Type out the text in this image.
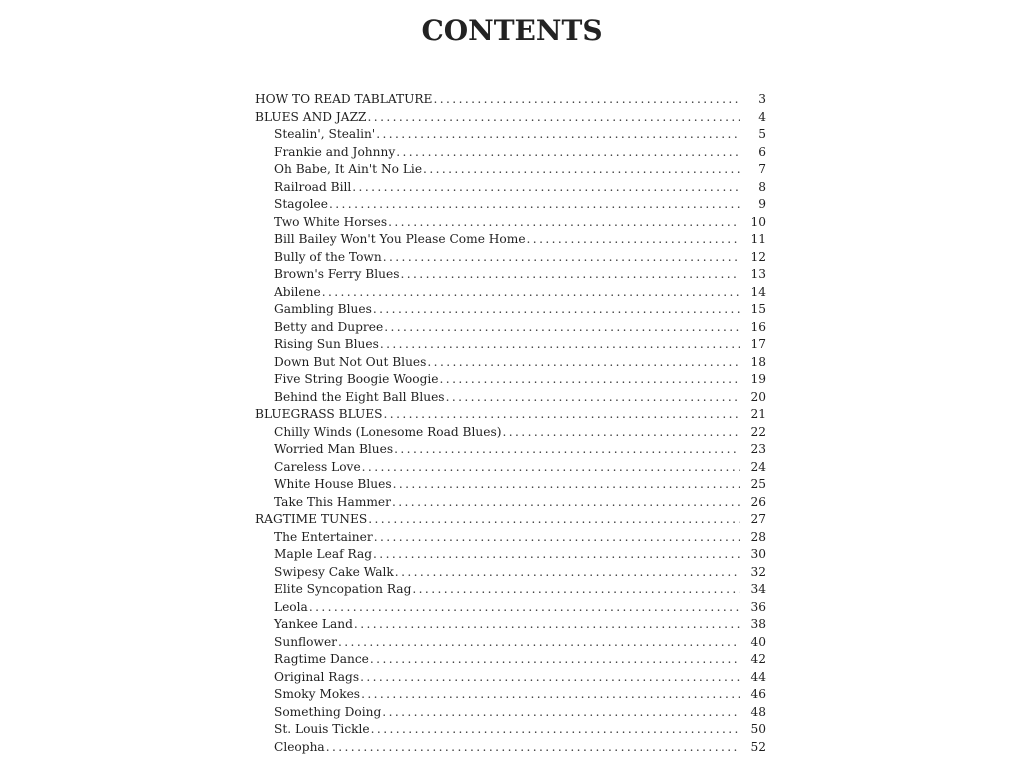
CONTENTS
HOW TO READ TABLATURE .....	3
BLUES AND JAZZ .....	4
Stealin', Stealin' .....	5
Frankie and Johnny .....	6
Oh Babe, It Ain't No Lie .....	7
Railroad Bill .....	8
Stagolee .....	9
Two White Horses .....	10
Bill Bailey Won't You Please Come Home .....	11
Bully of the Town .....	12
Brown's Ferry Blues .....	13
Abilene .....	14
Gambling Blues .....	15
Betty and Dupree .....	16
Rising Sun Blues .....	17
Down But Not Out Blues .....	18
Five String Boogie Woogie .....	19
Behind the Eight Ball Blues .....	20
BLUEGRASS BLUES .....	21
Chilly Winds (Lonesome Road Blues) .....	22
Worried Man Blues .....	23
Careless Love .....	24
White House Blues .....	25
Take This Hammer .....	26
RAGTIME TUNES .....	27
The Entertainer .....	28
Maple Leaf Rag .....	30
Swipesy Cake Walk .....	32
Elite Syncopation Rag .....	34
Leola .....	36
Yankee Land .....	38
Sunflower .....	40
Ragtime Dance .....	42
Original Rags .....	44
Smoky Mokes .....	46
Something Doing .....	48
St. Louis Tickle .....	50
Cleopha .....	52
